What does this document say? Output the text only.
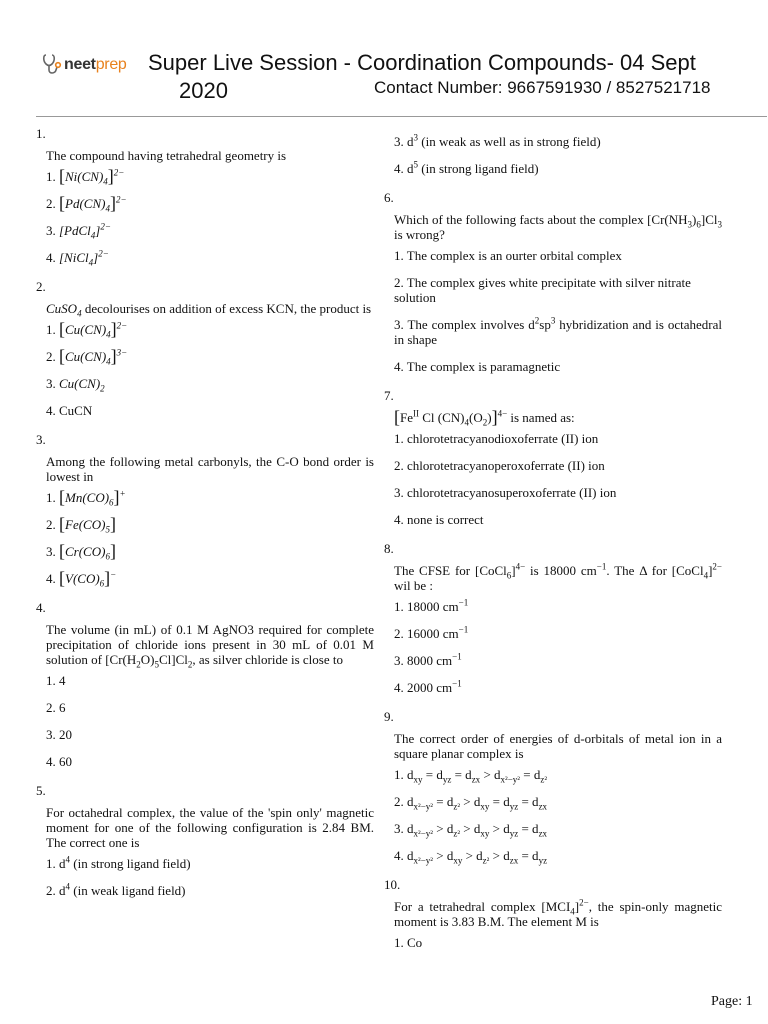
neetprep Super Live Session - Coordination Compounds- 04 Sept
2020	Contact Number: 9667591930 / 8527521718
1.
The compound having tetrahedral geometry is
1. $[Ni(CN)_4]^{2-}$
2. $[Pd(CN)_4]^{2-}$
3. [PdCl$_4$]$^{2-}$
4. [NiCl$_4$]$^{2-}$
2.
CuSO$_4$ decolourises on addition of excess KCN, the product is
1. $[Cu(CN)_4]^{2-}$
2. $[Cu(CN)_4]^{3-}$
3. $Cu(CN)_2$
4. CuCN
3.
Among the following metal carbonyls, the C-O bond order is lowest in
1. $[Mn(CO)_6]^+$
2. $[Fe(CO)_5]$
3. $[Cr(CO)_6]$
4. $[V(CO)_6]^-$
4.
The volume (in mL) of 0.1 M AgNO3 required for complete precipitation of chloride ions present in 30 mL of 0.01 M solution of $[Cr(H_2O)_5Cl]Cl_2$, as silver chloride is close to
1. 4
2. 6
3. 20
4. 60
5.
For octahedral complex, the value of the 'spin only' magnetic moment for one of the following configuration is 2.84 BM. The correct one is
1. $d^4$ (in strong ligand field)
2. $d^4$ (in weak ligand field)
3. $d^3$ (in weak as well as in strong field)
4. $d^5$ (in strong ligand field)
6.
Which of the following facts about the complex $[Cr(NH_3)_6]Cl_3$ is wrong?
1. The complex is an ourter orbital complex
2. The complex gives white precipitate with silver nitrate solution
3. The complex involves $d^2sp^3$ hybridization and is octahedral in shape
4. The complex is paramagnetic
7.
[$Fe^{II}$ Cl $(CN)_4(O_2)]^{4-}$ is named as:
1. chlorotetracyanodioxoferrate (II) ion
2. chlorotetracyanoperoxoferrate (II) ion
3. chlorotetracyanosuperoxoferrate (II) ion
4. none is correct
8.
The CFSE for [CoCl$_6$]$^{4-}$ is 18000 $cm^{-1}$. The Δ for [CoCl$_4$]$^{2-}$ wil be :
1. 18000 $cm^{-1}$
2. 16000 $cm^{-1}$
3. 8000 $cm^{-1}$
4. 2000 $cm^{-1}$
9.
The correct order of energies of d-orbitals of metal ion in a square planar complex is
1. $d_{xy} = d_{yz} = d_{zx} > d_{x^2-y^2} = d_{z^2}$
2. $d_{x^2-y^2} = d_{z^2} > d_{xy} = d_{yz} = d_{zx}$
3. $d_{x^2-y^2} > d_{z^2} > d_{xy} > d_{yz} = d_{zx}$
4. $d_{x^2-y^2} > d_{xy} > d_{z^2} > d_{zx} = d_{yz}$
10.
For a tetrahedral complex $[MCI_4]^{2-}$, the spin-only magnetic moment is 3.83 B.M. The element M is
1. Co
Page: 1
